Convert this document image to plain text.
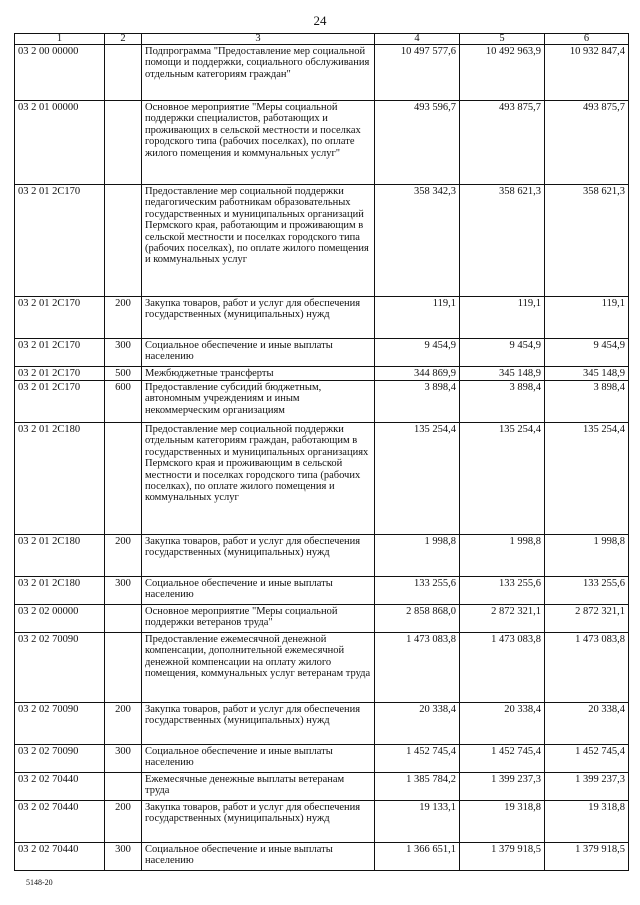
24
1	2	3	4	5	6
03 2 00 00000		Подпрограмма "Предоставление мер социальной помощи и поддержки, социального обслуживания отдельным категориям граждан"	10 497 577,6	10 492 963,9	10 932 847,4
03 2 01 00000		Основное мероприятие "Меры социальной поддержки специалистов, работающих и проживающих в сельской местности и поселках городского типа (рабочих поселках), по оплате жилого помещения и коммунальных услуг"	493 596,7	493 875,7	493 875,7
03 2 01 2С170		Предоставление мер социальной поддержки педагогическим работникам образовательных государственных и муниципальных организаций Пермского края, работающим и проживающим в сельской местности и поселках городского типа (рабочих поселках), по оплате жилого помещения и коммунальных услуг	358 342,3	358 621,3	358 621,3
03 2 01 2С170	200	Закупка товаров, работ и услуг для обеспечения государственных (муниципальных) нужд	119,1	119,1	119,1
03 2 01 2С170	300	Социальное обеспечение и иные выплаты населению	9 454,9	9 454,9	9 454,9
03 2 01 2С170	500	Межбюджетные трансферты	344 869,9	345 148,9	345 148,9
03 2 01 2С170	600	Предоставление субсидий бюджетным, автономным учреждениям и иным некоммерческим организациям	3 898,4	3 898,4	3 898,4
03 2 01 2С180		Предоставление мер социальной поддержки отдельным категориям граждан, работающим в государственных и муниципальных организациях Пермского края и проживающим в сельской местности и поселках городского типа (рабочих поселках), по оплате жилого помещения и коммунальных услуг	135 254,4	135 254,4	135 254,4
03 2 01 2С180	200	Закупка товаров, работ и услуг для обеспечения государственных (муниципальных) нужд	1 998,8	1 998,8	1 998,8
03 2 01 2С180	300	Социальное обеспечение и иные выплаты населению	133 255,6	133 255,6	133 255,6
03 2 02 00000		Основное мероприятие "Меры социальной поддержки ветеранов труда"	2 858 868,0	2 872 321,1	2 872 321,1
03 2 02 70090		Предоставление ежемесячной денежной компенсации, дополнительной ежемесячной денежной компенсации на оплату жилого помещения, коммунальных услуг ветеранам труда	1 473 083,8	1 473 083,8	1 473 083,8
03 2 02 70090	200	Закупка товаров, работ и услуг для обеспечения государственных (муниципальных) нужд	20 338,4	20 338,4	20 338,4
03 2 02 70090	300	Социальное обеспечение и иные выплаты населению	1 452 745,4	1 452 745,4	1 452 745,4
03 2 02 70440		Ежемесячные денежные выплаты ветеранам труда	1 385 784,2	1 399 237,3	1 399 237,3
03 2 02 70440	200	Закупка товаров, работ и услуг для обеспечения государственных (муниципальных) нужд	19 133,1	19 318,8	19 318,8
03 2 02 70440	300	Социальное обеспечение и иные выплаты населению	1 366 651,1	1 379 918,5	1 379 918,5
5148-20
